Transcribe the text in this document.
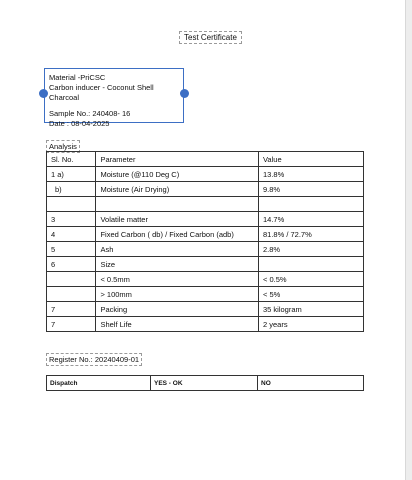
Test Certificate
Material -PriCSC
Carbon inducer - Coconut Shell Charcoal
Sample No.: 240408- 16
Date : 08-04-2025
Analysis
Sl. No.	Parameter	Value
1 a)	Moisture (@110 Deg C)	13.8%
b)	Moisture (Air Drying)	9.8%

3	Volatile matter	14.7%
4	Fixed Carbon ( db) / Fixed Carbon (adb)	81.8% / 72.7%
5	Ash	2.8%
6	Size	
	< 0.5mm	< 0.5%
	> 100mm	< 5%
7	Packing	35 kilogram
7	Shelf Life	2 years
Register No.: 20240409-01
Dispatch	YES - OK	NO
